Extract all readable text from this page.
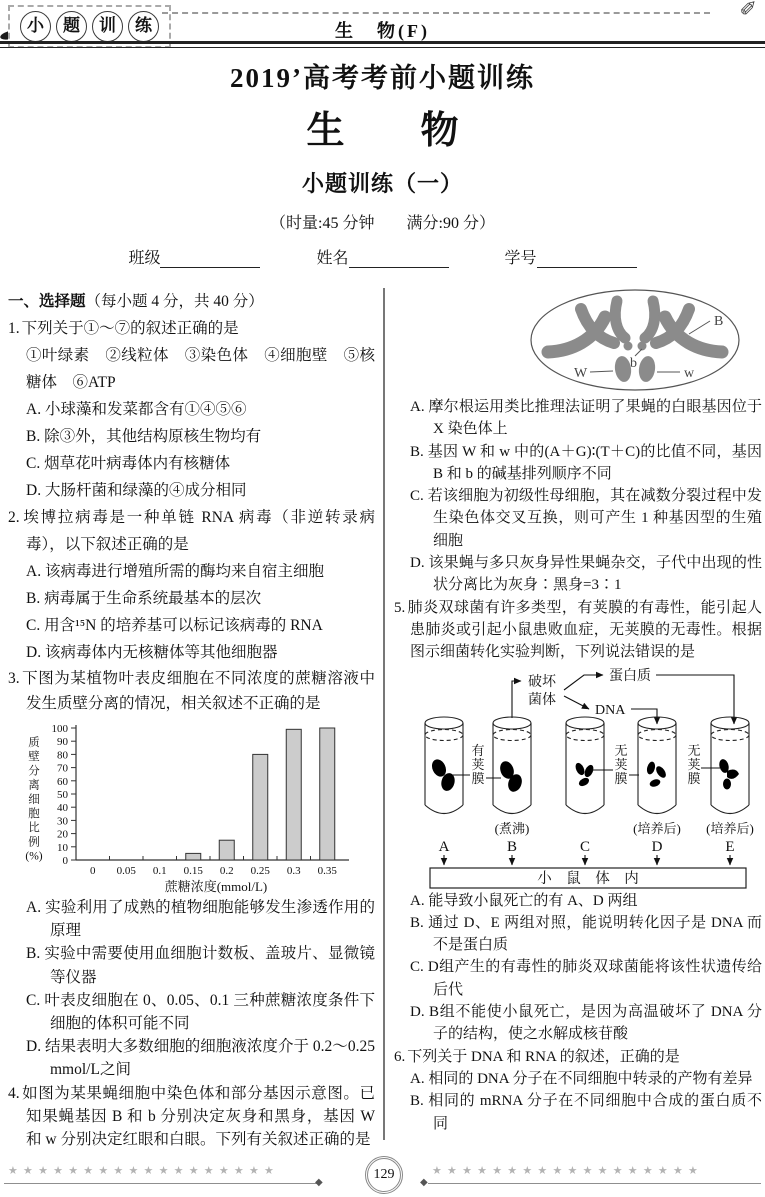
小	题	训	练
✐
生　物(F)
2019’高考考前小题训练
生　　物
小题训练（一）
（时量:45 分钟　　满分:90 分）
班级	姓名	学号
一、选择题（每小题 4 分，共 40 分）
1. 下列关于①～⑦的叙述正确的是
①叶绿素　②线粒体　③染色体　④细胞壁　⑤核糖体　⑥ATP
A. 小球藻和发菜都含有①④⑤⑥
B. 除③外，其他结构原核生物均有
C. 烟草花叶病毒体内有核糖体
D. 大肠杆菌和绿藻的④成分相同
2. 埃博拉病毒是一种单链 RNA 病毒（非逆转录病毒），以下叙述正确的是
A. 该病毒进行增殖所需的酶均来自宿主细胞
B. 病毒属于生命系统最基本的层次
C. 用含¹⁵N 的培养基可以标记该病毒的 RNA
D. 该病毒体内无核糖体等其他细胞器
3. 下图为某植物叶表皮细胞在不同浓度的蔗糖溶液中发生质壁分离的情况，相关叙述不正确的是
0
10
20
30
40
50
60
70
80
90
100
0 0.05 0.1 0.15 0.2 0.25 0.3 0.35
质
壁
分
离
细
胞
比
例
(%)
蔗糖浓度(mmol/L)
A. 实验利用了成熟的植物细胞能够发生渗透作用的原理
B. 实验中需要使用血细胞计数板、盖玻片、显微镜等仪器
C. 叶表皮细胞在 0、0.05、0.1 三种蔗糖浓度条件下细胞的体积可能不同
D. 结果表明大多数细胞的细胞液浓度介于 0.2～0.25 mmol/L之间
4. 如图为某果蝇细胞中染色体和部分基因示意图。已知果蝇基因 B 和 b 分别决定灰身和黑身，基因 W 和 w 分别决定红眼和白眼。下列有关叙述正确的是
B
b
W	w
A. 摩尔根运用类比推理法证明了果蝇的白眼基因位于 X 染色体上
B. 基因 W 和 w 中的(A＋G)∶(T＋C)的比值不同，基因 B 和 b 的碱基排列顺序不同
C. 若该细胞为初级性母细胞，其在减数分裂过程中发生染色体交叉互换，则可产生 1 种基因型的生殖细胞
D. 该果蝇与多只灰身异性果蝇杂交，子代中出现的性状分离比为灰身∶黑身=3∶1
5. 肺炎双球菌有许多类型，有荚膜的有毒性，能引起人患肺炎或引起小鼠患败血症，无荚膜的无毒性。根据图示细菌转化实验判断，下列说法错误的是
破坏
菌体
蛋白质
DNA
有荚膜
无荚膜
无荚膜
(煮沸)	(培养后) (培养后)
A	B	C	D	E
小　鼠　体　内
A. 能导致小鼠死亡的有 A、D 两组
B. 通过 D、E 两组对照，能说明转化因子是 DNA 而不是蛋白质
C. D组产生的有毒性的肺炎双球菌能将该性状遗传给后代
D. B组不能使小鼠死亡，是因为高温破坏了 DNA 分子的结构，使之水解成核苷酸
6. 下列关于 DNA 和 RNA 的叙述，正确的是
A. 相同的 DNA 分子在不同细胞中转录的产物有差异
B. 相同的 mRNA 分子在不同细胞中合成的蛋白质不同
★★★★★★★★★★★★★★★★★★
◆
129
◆
★★★★★★★★★★★★★★★★★★
